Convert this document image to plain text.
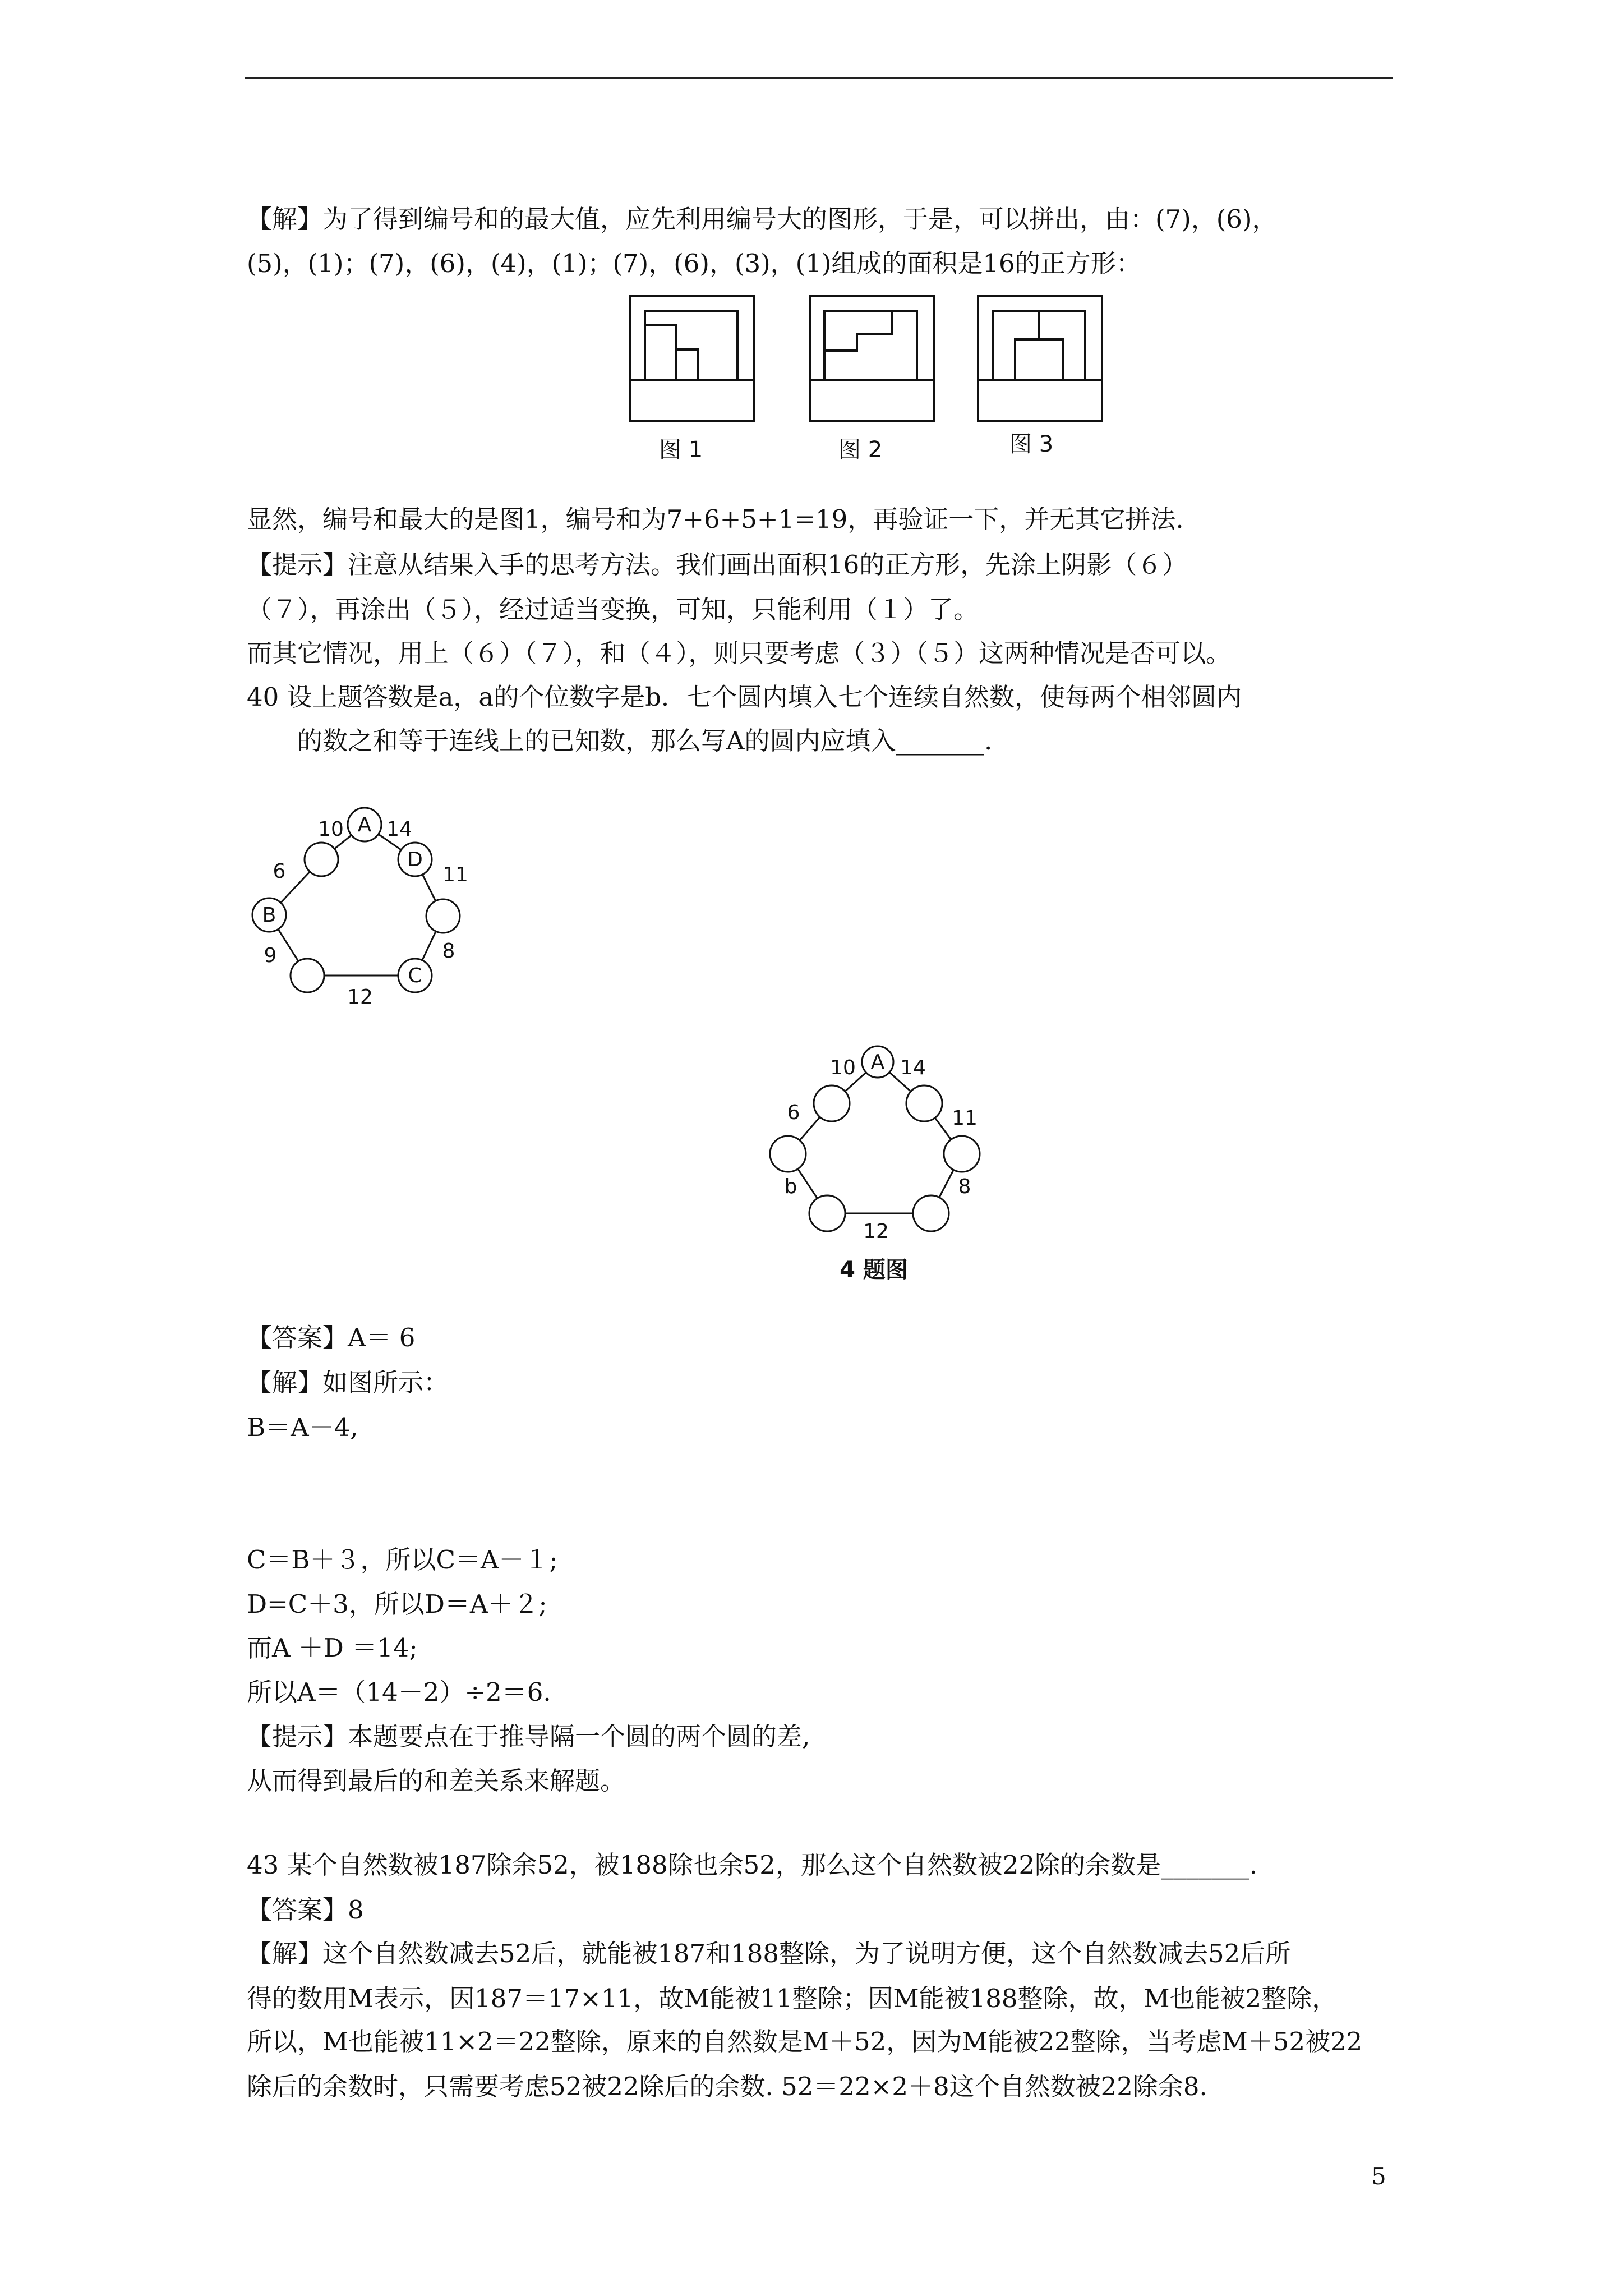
【解】为了得到编号和的最大值，应先利用编号大的图形，于是，可以拼出，由：(7)，(6)，
(5)，(1)；(7)，(6)，(4)，(1)；(7)，(6)，(3)，(1)组成的面积是16的正方形：
图 1	图 2	图 3
显然，编号和最大的是图1，编号和为7+6+5+1=19，再验证一下，并无其它拼法.
【提示】注意从结果入手的思考方法。我们画出面积16的正方形，先涂上阴影（６）
（７），再涂出（５），经过适当变换，可知，只能利用（１）了。
而其它情况，用上（６）（７），和（４），则只要考虑（３）（５）这两种情况是否可以。
40 设上题答数是a，a的个位数字是b．七个圆内填入七个连续自然数，使每两个相邻圆内
的数之和等于连线上的已知数，那么写A的圆内应填入_______.
A
D
B
C
10 14
6	11
9	8
12
A
10 14
6	11
b	8
12
4 题图
【答案】A＝ 6
【解】如图所示：
B＝A－4,
C＝B＋３，所以C＝A－１;
D=C＋3，所以D＝A＋２;
而A ＋D ＝14;
所以A＝（14－2）÷2＝6.
【提示】本题要点在于推导隔一个圆的两个圆的差,
从而得到最后的和差关系来解题。
43 某个自然数被187除余52，被188除也余52，那么这个自然数被22除的余数是_______.
【答案】8
【解】这个自然数减去52后，就能被187和188整除，为了说明方便，这个自然数减去52后所
得的数用M表示，因187＝17×11，故M能被11整除；因M能被188整除，故，M也能被2整除，
所以，M也能被11×2＝22整除，原来的自然数是M＋52，因为M能被22整除，当考虑M＋52被22
除后的余数时，只需要考虑52被22除后的余数. 52＝22×2＋8这个自然数被22除余8.
5
